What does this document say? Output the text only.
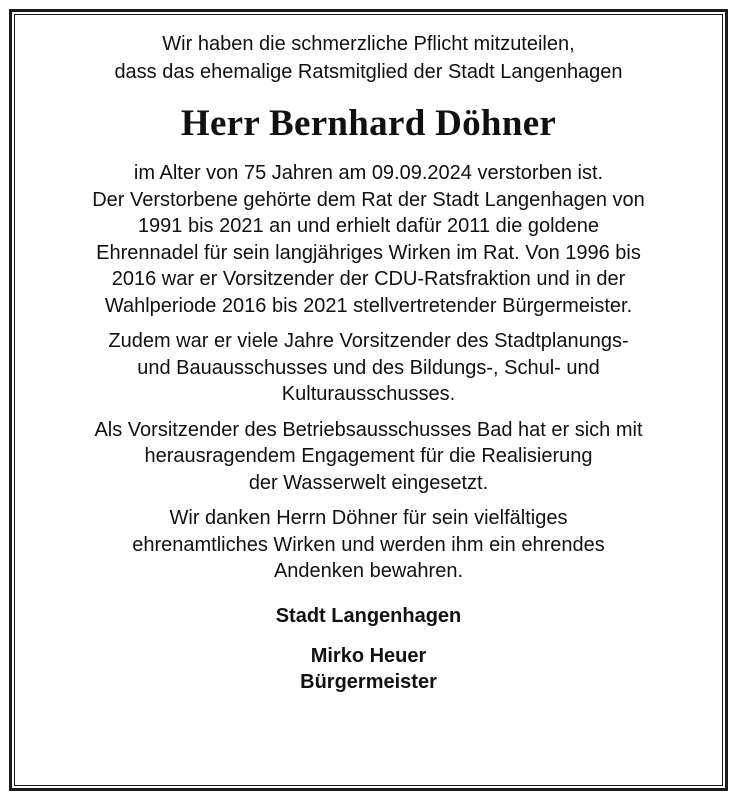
Wir haben die schmerzliche Pflicht mitzuteilen,
dass das ehemalige Ratsmitglied der Stadt Langenhagen

Herr Bernhard Döhner

im Alter von 75 Jahren am 09.09.2024 verstorben ist.
Der Verstorbene gehörte dem Rat der Stadt Langenhagen von
1991 bis 2021 an und erhielt dafür 2011 die goldene
Ehrennadel für sein langjähriges Wirken im Rat. Von 1996 bis
2016 war er Vorsitzender der CDU-Ratsfraktion und in der
Wahlperiode 2016 bis 2021 stellvertretender Bürgermeister.

Zudem war er viele Jahre Vorsitzender des Stadtplanungs-
und Bauausschusses und des Bildungs-, Schul- und
Kulturausschusses.

Als Vorsitzender des Betriebsausschusses Bad hat er sich mit
herausragendem Engagement für die Realisierung
der Wasserwelt eingesetzt.

Wir danken Herrn Döhner für sein vielfältiges
ehrenamtliches Wirken und werden ihm ein ehrendes
Andenken bewahren.

Stadt Langenhagen

Mirko Heuer

Bürgermeister
